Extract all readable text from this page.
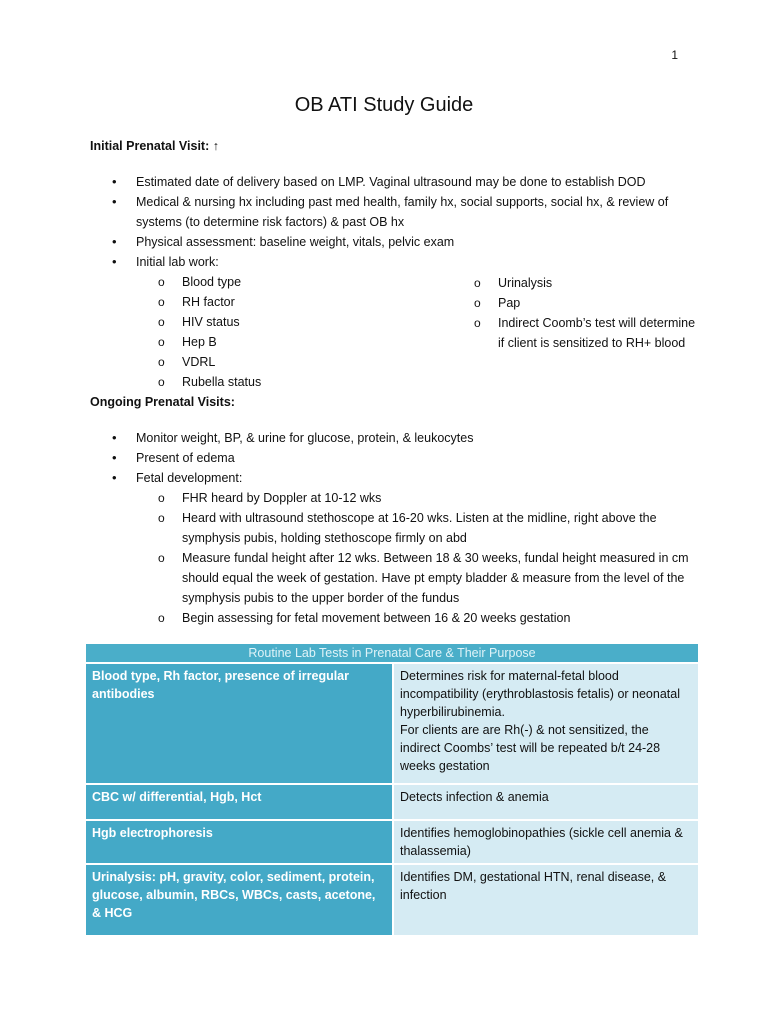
1
OB ATI Study Guide
Initial Prenatal Visit: ↑
• Estimated date of delivery based on LMP. Vaginal ultrasound may be done to establish DOD
• Medical & nursing hx including past med health, family hx, social supports, social hx, & review of systems (to determine risk factors) & past OB hx
• Physical assessment: baseline weight, vitals, pelvic exam
• Initial lab work:
o Blood type
o RH factor
o HIV status
o Hep B
o VDRL
o Rubella status
o Urinalysis
o Pap
o Indirect Coomb’s test will determine if client is sensitized to RH+ blood
Ongoing Prenatal Visits:
• Monitor weight, BP, & urine for glucose, protein, & leukocytes
• Present of edema
• Fetal development:
o FHR heard by Doppler at 10-12 wks
o Heard with ultrasound stethoscope at 16-20 wks. Listen at the midline, right above the symphysis pubis, holding stethoscope firmly on abd
o Measure fundal height after 12 wks. Between 18 & 30 weeks, fundal height measured in cm should equal the week of gestation. Have pt empty bladder & measure from the level of the symphysis pubis to the upper border of the fundus
o Begin assessing for fetal movement between 16 & 20 weeks gestation
Routine Lab Tests in Prenatal Care & Their Purpose	
Blood type, Rh factor, presence of irregular antibodies	Determines risk for maternal-fetal blood incompatibility (erythroblastosis fetalis) or neonatal hyperbilirubinemia.
For clients are are Rh(-) & not sensitized, the indirect Coombs’ test will be repeated b/t 24-28 weeks gestation

CBC w/ differential, Hgb, Hct	Detects infection & anemia
Hgb electrophoresis	Identifies hemoglobinopathies (sickle cell anemia & thalassemia)
Urinalysis: pH, gravity, color, sediment, protein, glucose, albumin, RBCs, WBCs, casts, acetone, & HCG	Identifies DM, gestational HTN, renal disease, & infection
